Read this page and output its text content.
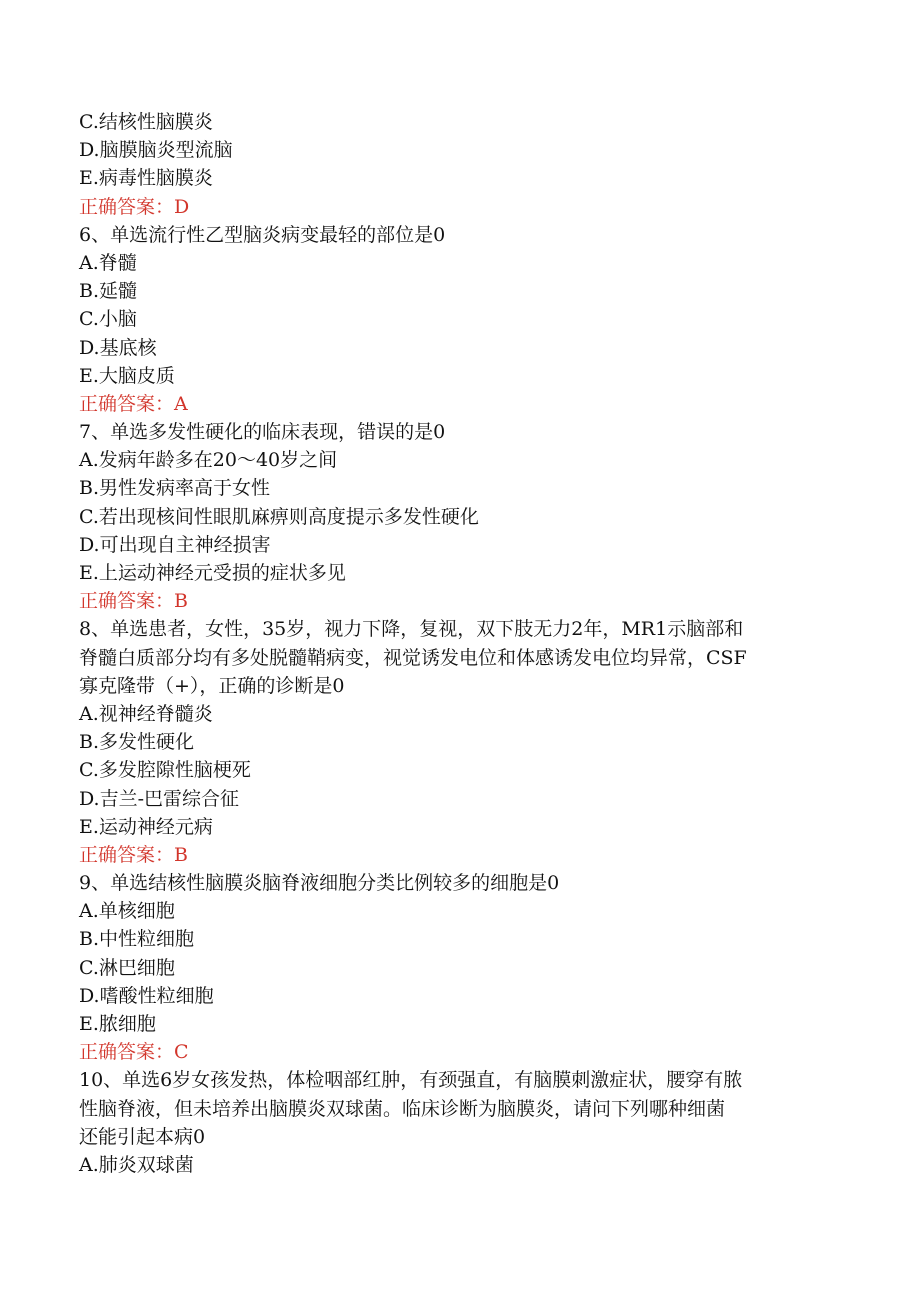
C.结核性脑膜炎
D.脑膜脑炎型流脑
E.病毒性脑膜炎
正确答案：D
6、单选流行性乙型脑炎病变最轻的部位是0
A.脊髓
B.延髓
C.小脑
D.基底核
E.大脑皮质
正确答案：A
7、单选多发性硬化的临床表现，错误的是0
A.发病年龄多在20～40岁之间
B.男性发病率高于女性
C.若出现核间性眼肌麻痹则高度提示多发性硬化
D.可出现自主神经损害
E.上运动神经元受损的症状多见
正确答案：B
8、单选患者，女性，35岁，视力下降，复视，双下肢无力2年，MR1示脑部和
脊髓白质部分均有多处脱髓鞘病变，视觉诱发电位和体感诱发电位均异常，CSF
寡克隆带（+），正确的诊断是0
A.视神经脊髓炎
B.多发性硬化
C.多发腔隙性脑梗死
D.吉兰-巴雷综合征
E.运动神经元病
正确答案：B
9、单选结核性脑膜炎脑脊液细胞分类比例较多的细胞是0
A.单核细胞
B.中性粒细胞
C.淋巴细胞
D.嗜酸性粒细胞
E.脓细胞
正确答案：C
10、单选6岁女孩发热，体检咽部红肿，有颈强直，有脑膜刺激症状，腰穿有脓
性脑脊液，但未培养出脑膜炎双球菌。临床诊断为脑膜炎，请问下列哪种细菌
还能引起本病0
A.肺炎双球菌
